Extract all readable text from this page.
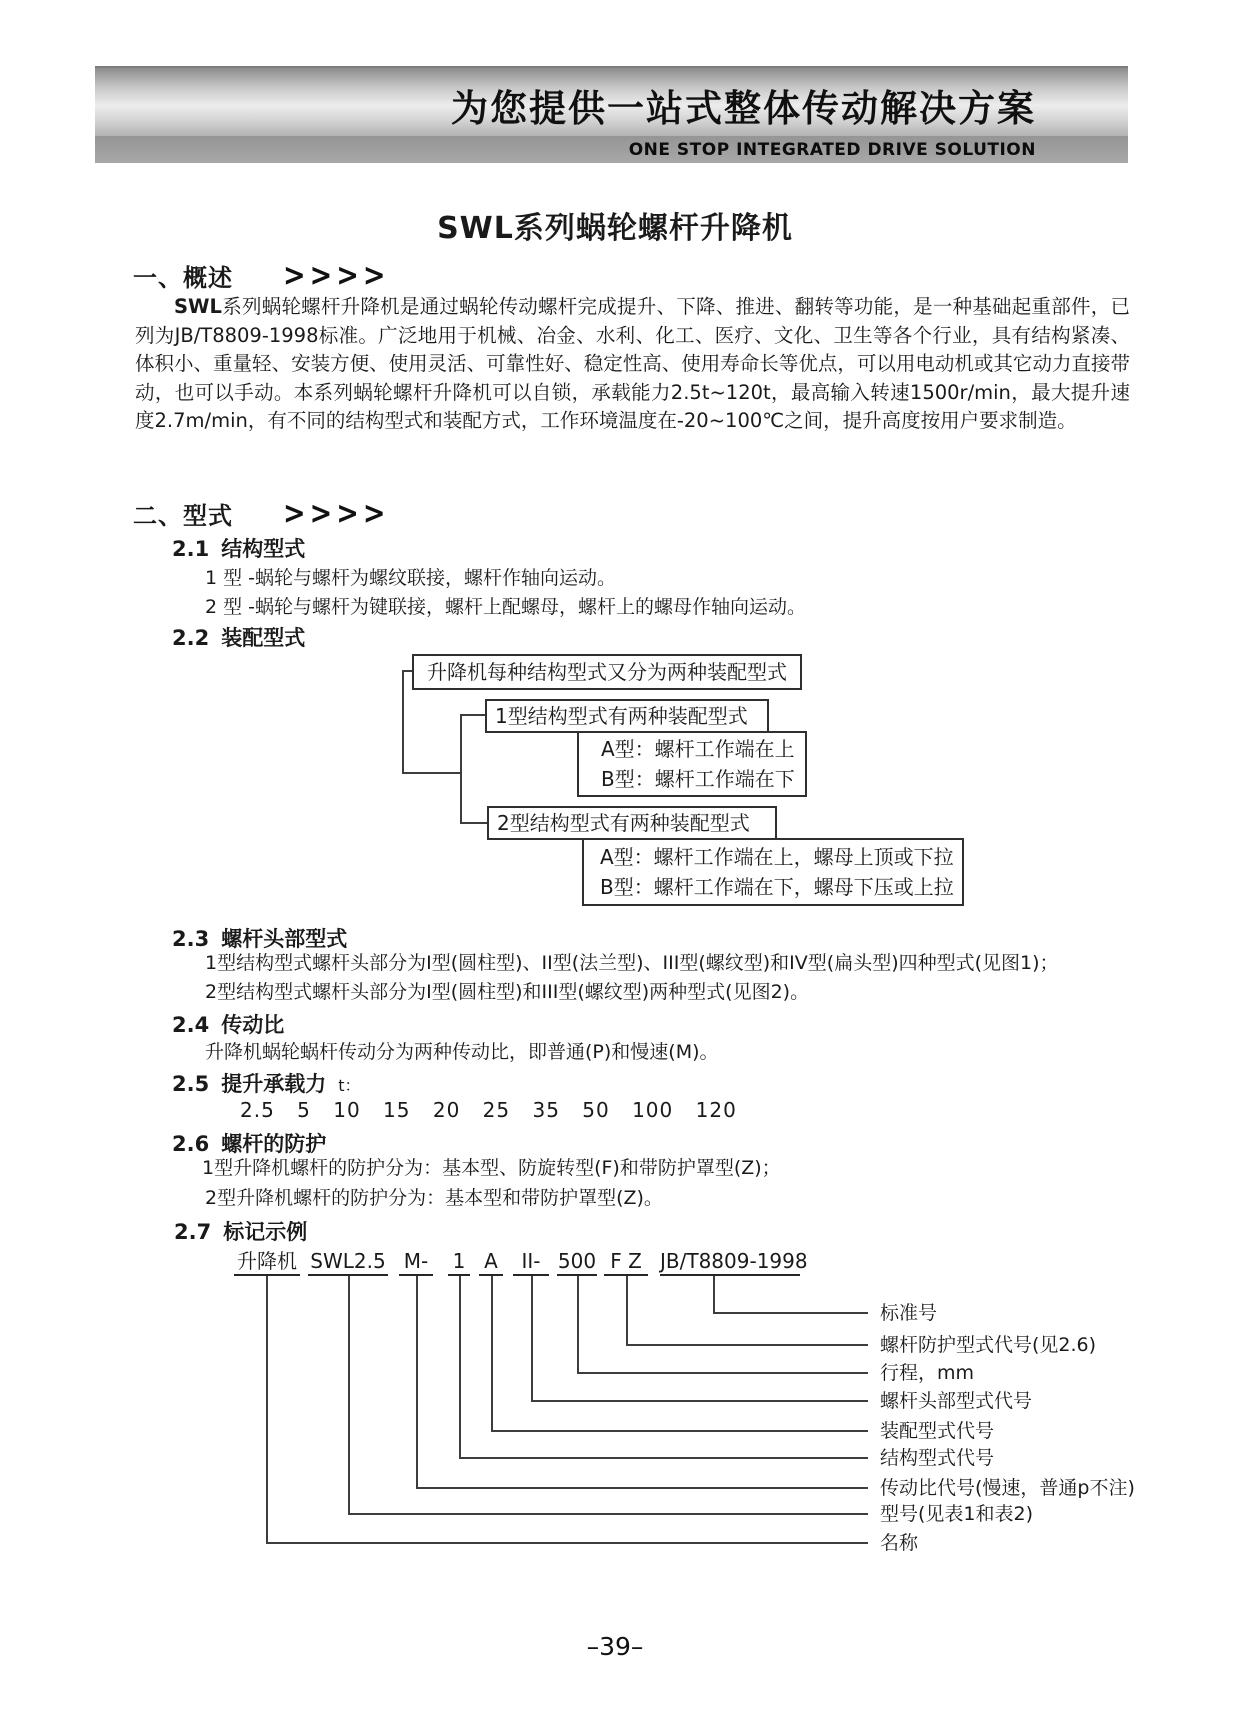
为您提供一站式整体传动解决方案
ONE STOP INTEGRATED DRIVE SOLUTION
SWL系列蜗轮螺杆升降机
一、概述 >>>>
SWL系列蜗轮螺杆升降机是通过蜗轮传动螺杆完成提升、下降、推进、翻转等功能，是一种基础起重部件，已列为JB/T8809-1998标准。广泛地用于机械、冶金、水利、化工、医疗、文化、卫生等各个行业，具有结构紧凑、体积小、重量轻、安装方便、使用灵活、可靠性好、稳定性高、使用寿命长等优点，可以用电动机或其它动力直接带动，也可以手动。本系列蜗轮螺杆升降机可以自锁，承载能力2.5t~120t，最高输入转速1500r/min，最大提升速度2.7m/min，有不同的结构型式和装配方式，工作环境温度在-20~100℃之间，提升高度按用户要求制造。
二、型式 >>>>
2.1 结构型式
1 型 -蜗轮与螺杆为螺纹联接，螺杆作轴向运动。
2 型 -蜗轮与螺杆为键联接，螺杆上配螺母，螺杆上的螺母作轴向运动。
2.2 装配型式
升降机每种结构型式又分为两种装配型式
1型结构型式有两种装配型式
A型：螺杆工作端在上
B型：螺杆工作端在下
2型结构型式有两种装配型式
A型：螺杆工作端在上，螺母上顶或下拉
B型：螺杆工作端在下，螺母下压或上拉
2.3 螺杆头部型式
1型结构型式螺杆头部分为I型(圆柱型)、II型(法兰型)、III型(螺纹型)和IV型(扁头型)四种型式(见图1)；
2型结构型式螺杆头部分为I型(圆柱型)和III型(螺纹型)两种型式(见图2)。
2.4 传动比
升降机蜗轮蜗杆传动分为两种传动比，即普通(P)和慢速(M)。
2.5 提升承载力 t：
2.5 5 10 15 20 25 35 50 100 120
2.6 螺杆的防护
1型升降机螺杆的防护分为：基本型、防旋转型(F)和带防护罩型(Z)；
2型升降机螺杆的防护分为：基本型和带防护罩型(Z)。
2.7 标记示例
升降机 SWL2.5 M- 1 A	II- 500 F Z JB/T8809-1998
名称
型号(见表1和表2)
传动比代号(慢速，普通p不注)
结构型式代号
装配型式代号
螺杆头部型式代号
行程，mm
螺杆防护型式代号(见2.6)
标准号
–39–
